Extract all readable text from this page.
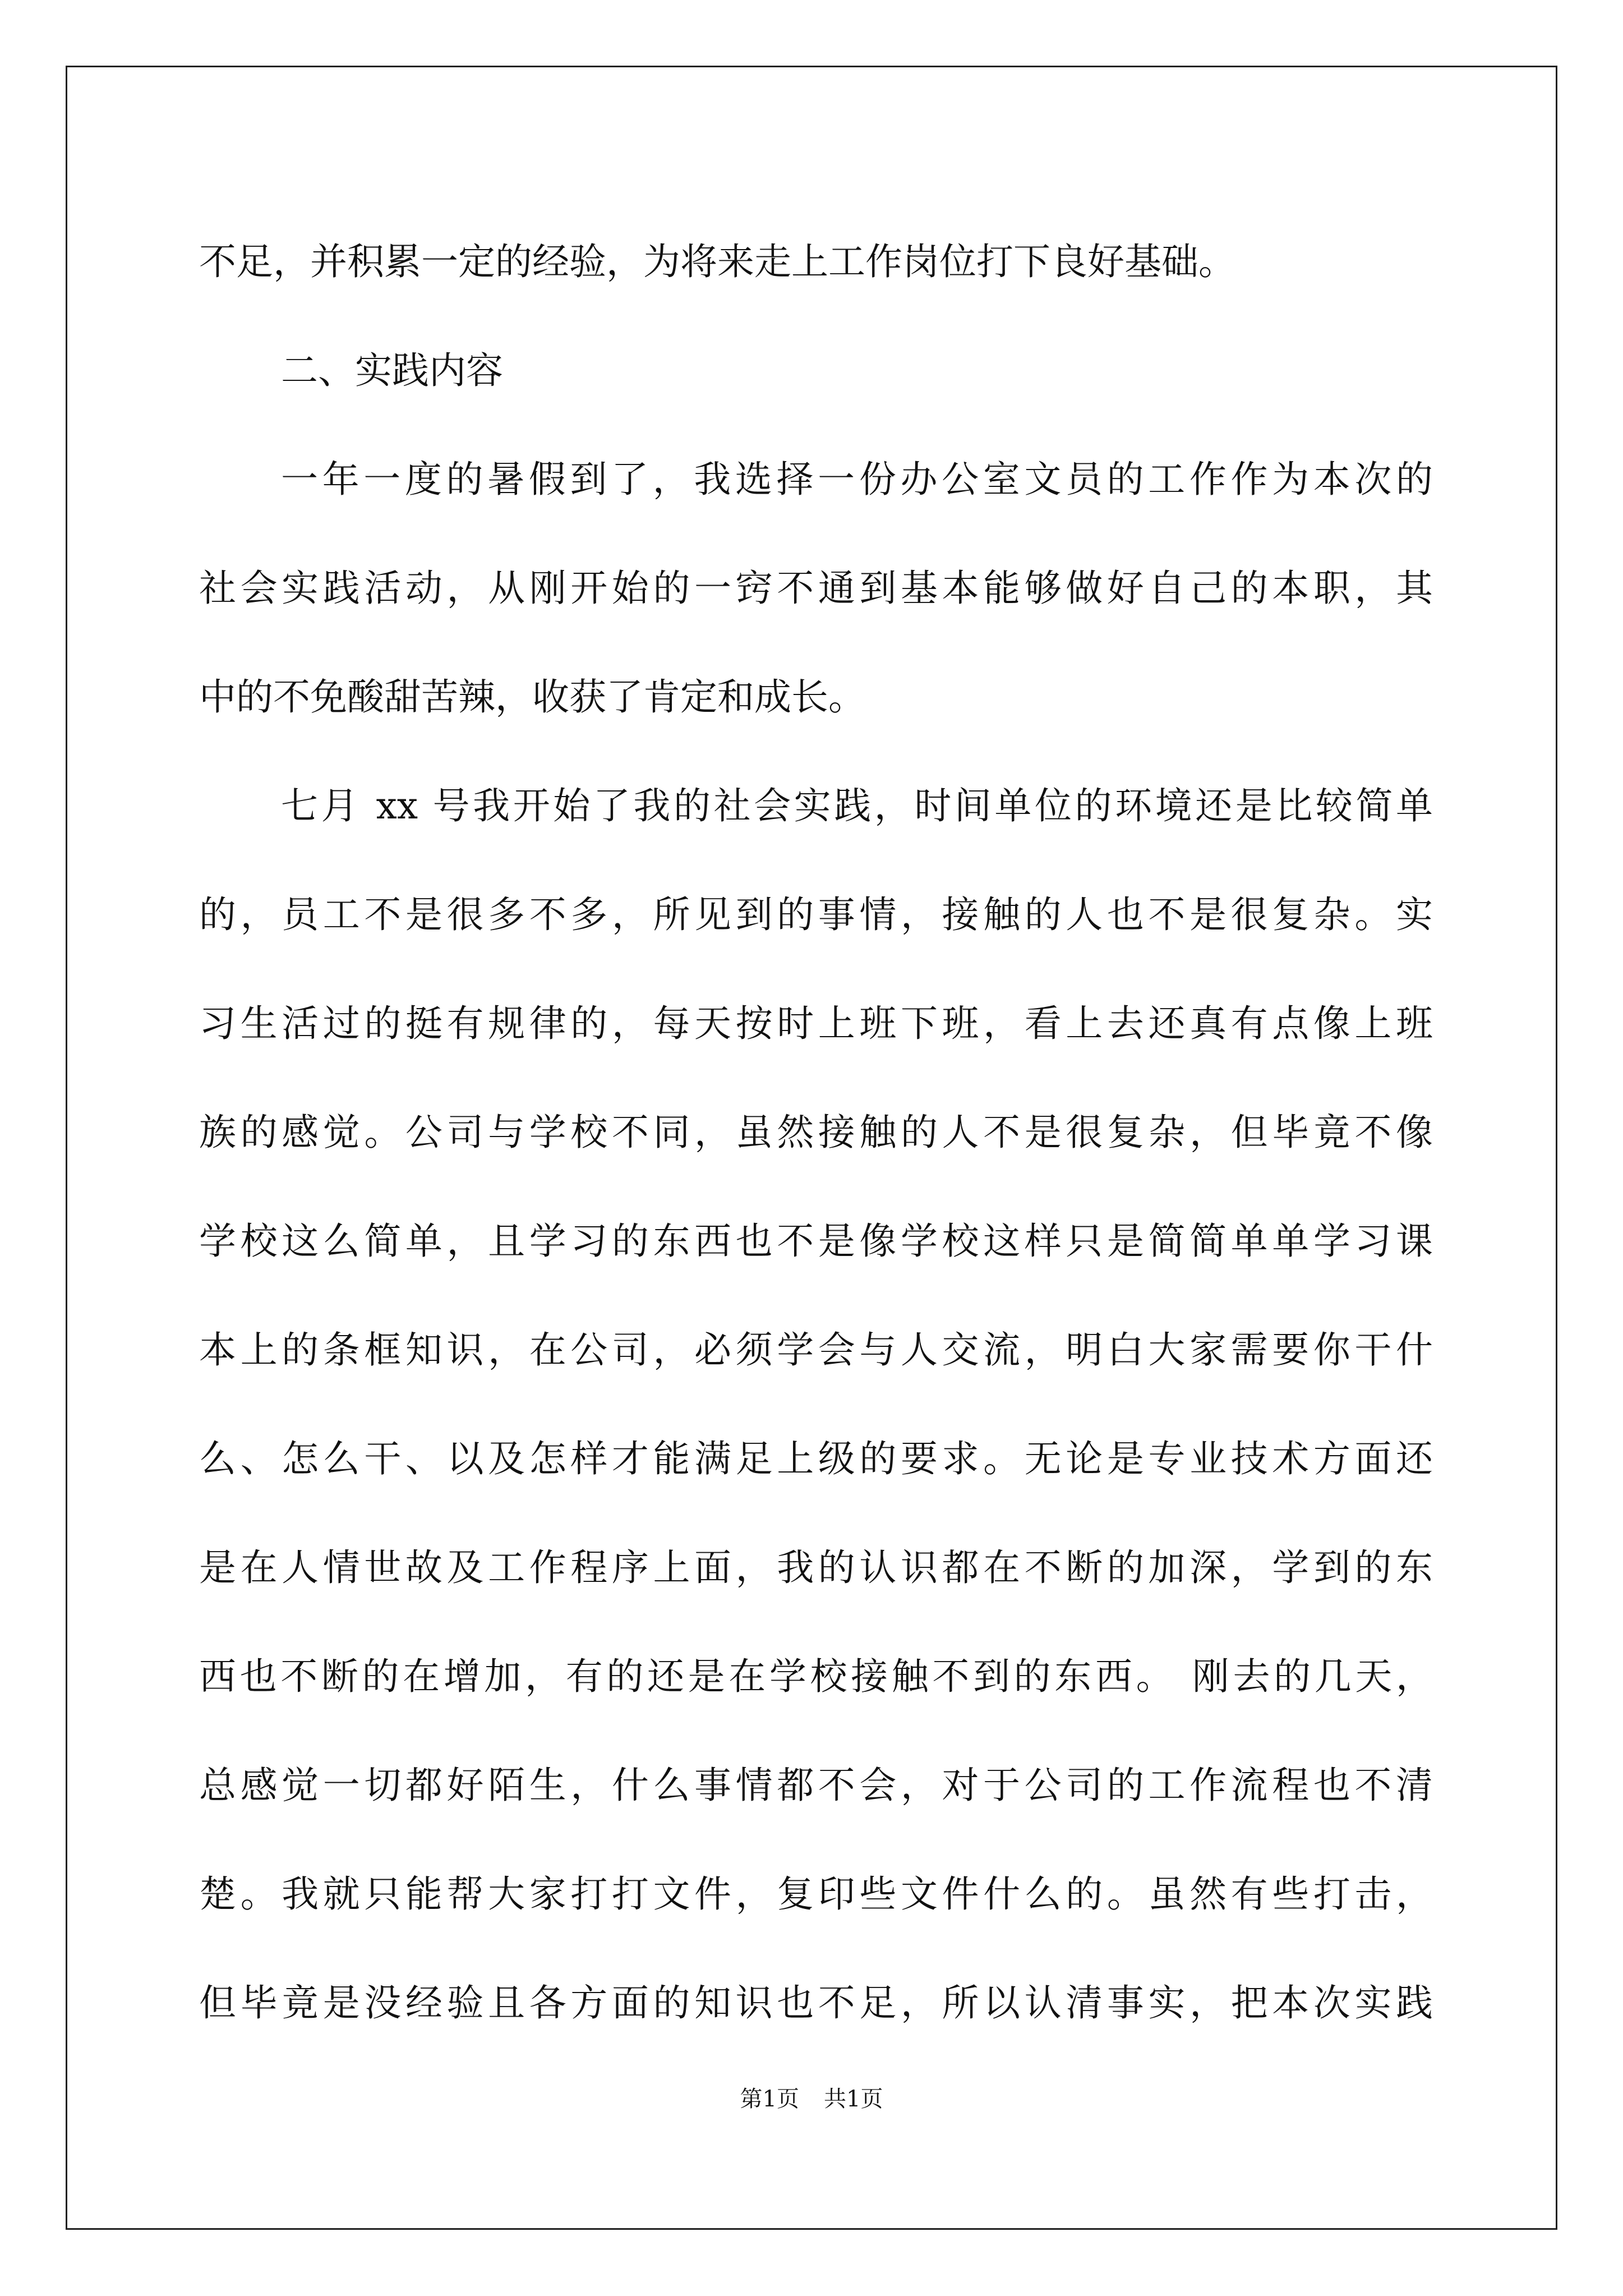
不足，并积累一定的经验，为将来走上工作岗位打下良好基础。
二、实践内容
一年一度的暑假到了，我选择一份办公室文员的工作作为本次的
社会实践活动，从刚开始的一窍不通到基本能够做好自己的本职，其
中的不免酸甜苦辣，收获了肯定和成长。
七月 xx 号我开始了我的社会实践，时间单位的环境还是比较简单
的，员工不是很多不多，所见到的事情，接触的人也不是很复杂。实
习生活过的挺有规律的，每天按时上班下班，看上去还真有点像上班
族的感觉。公司与学校不同，虽然接触的人不是很复杂，但毕竟不像
学校这么简单，且学习的东西也不是像学校这样只是简简单单学习课
本上的条框知识，在公司，必须学会与人交流，明白大家需要你干什
么、怎么干、以及怎样才能满足上级的要求。无论是专业技术方面还
是在人情世故及工作程序上面，我的认识都在不断的加深，学到的东
西也不断的在增加，有的还是在学校接触不到的东西。 刚去的几天，
总感觉一切都好陌生，什么事情都不会，对于公司的工作流程也不清
楚。我就只能帮大家打打文件，复印些文件什么的。虽然有些打击，
但毕竟是没经验且各方面的知识也不足，所以认清事实，把本次实践
第1页 共1页
